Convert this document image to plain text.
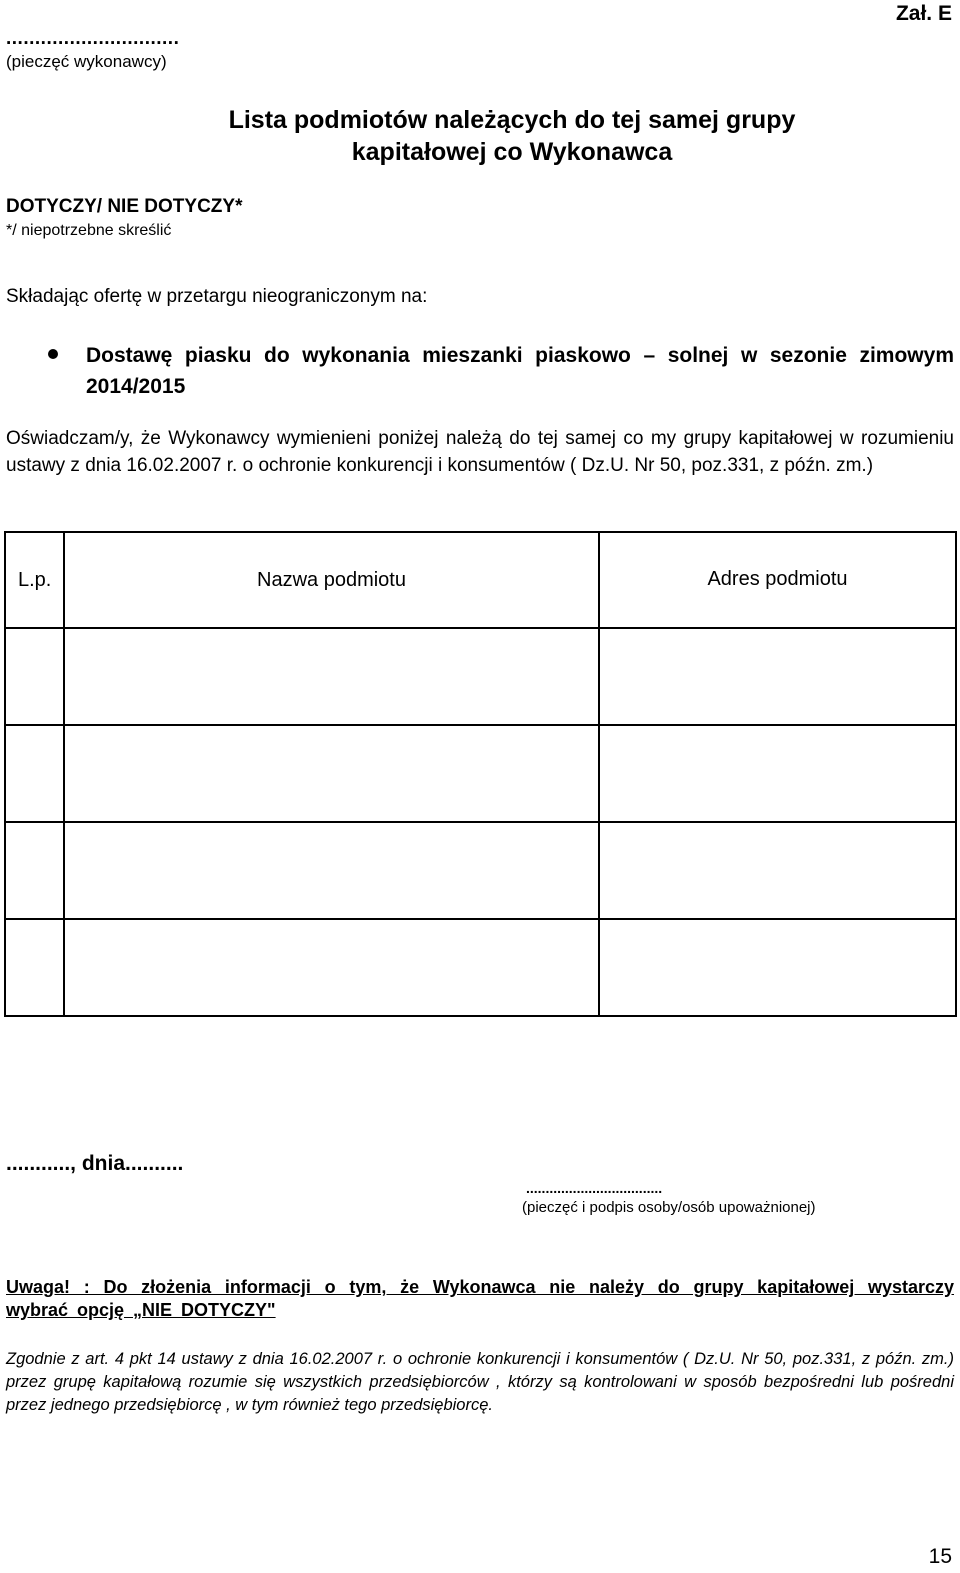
..............................
(pieczęć wykonawcy)
Zał. E
Lista podmiotów należących do tej samej grupy kapitałowej co Wykonawca
DOTYCZY/ NIE DOTYCZY*
*/ niepotrzebne skreślić
Składając ofertę w przetargu nieograniczonym na:
Dostawę piasku do wykonania mieszanki piaskowo – solnej w sezonie zimowym 2014/2015
Oświadczam/y, że Wykonawcy wymienieni poniżej należą do tej samej co my grupy kapitałowej w rozumieniu ustawy z dnia 16.02.2007 r. o ochronie konkurencji i konsumentów ( Dz.U. Nr 50, poz.331, z późn. zm.)
L.p.	Nazwa podmiotu	Adres podmiotu

..........., dnia..........
...................................
(pieczęć i podpis osoby/osób upoważnionej)
Uwaga! : Do złożenia informacji o tym, że Wykonawca nie należy do grupy kapitałowej wystarczy wybrać opcję „NIE DOTYCZY"
Zgodnie z art. 4 pkt 14 ustawy z dnia 16.02.2007 r. o ochronie konkurencji i konsumentów ( Dz.U. Nr 50, poz.331, z późn. zm.) przez grupę kapitałową rozumie się wszystkich przedsiębiorców , którzy są kontrolowani w sposób bezpośredni lub pośredni przez jednego przedsiębiorcę , w tym również tego przedsiębiorcę.
15
